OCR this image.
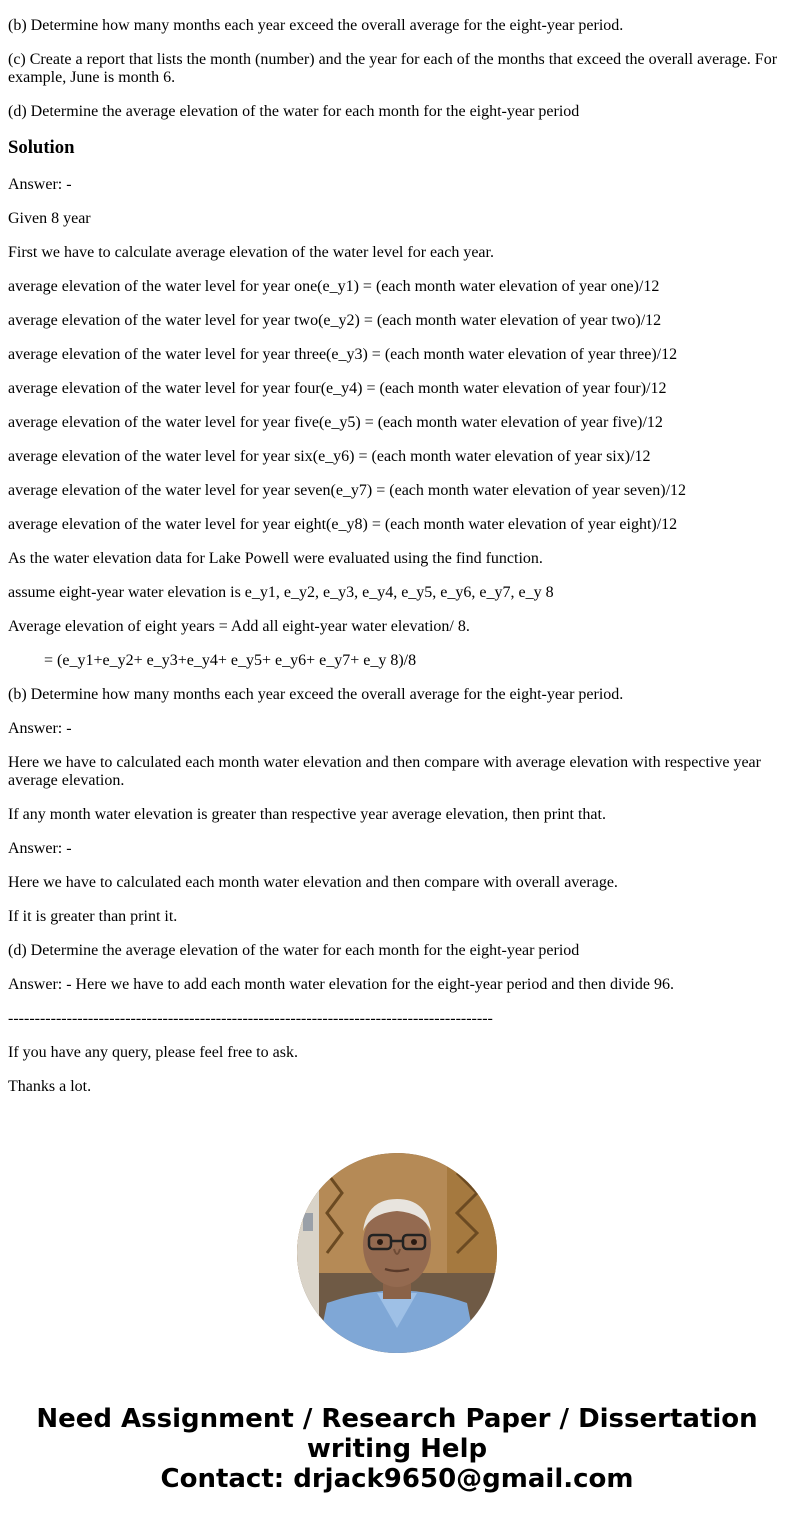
(b) Determine how many months each year exceed the overall average for the eight-year period.

(c) Create a report that lists the month (number) and the year for each of the months that exceed the overall average. For example, June is month 6.

(d) Determine the average elevation of the water for each month for the eight-year period

Solution

Answer: -

Given 8 year

First we have to calculate average elevation of the water level for each year.

average elevation of the water level for year one(e_y1) = (each month water elevation of year one)/12

average elevation of the water level for year two(e_y2) = (each month water elevation of year two)/12

average elevation of the water level for year three(e_y3) = (each month water elevation of year three)/12

average elevation of the water level for year four(e_y4) = (each month water elevation of year four)/12

average elevation of the water level for year five(e_y5) = (each month water elevation of year five)/12

average elevation of the water level for year six(e_y6) = (each month water elevation of year six)/12

average elevation of the water level for year seven(e_y7) = (each month water elevation of year seven)/12

average elevation of the water level for year eight(e_y8) = (each month water elevation of year eight)/12

As the water elevation data for Lake Powell were evaluated using the find function.

assume eight-year water elevation is e_y1, e_y2, e_y3, e_y4, e_y5, e_y6, e_y7, e_y 8

Average elevation of eight years = Add all eight-year water elevation/ 8.

= (e_y1+e_y2+ e_y3+e_y4+ e_y5+ e_y6+ e_y7+ e_y 8)/8

(b) Determine how many months each year exceed the overall average for the eight-year period.

Answer: -

Here we have to calculated each month water elevation and then compare with average elevation with respective year average elevation.

If any month water elevation is greater than respective year average elevation, then print that.

Answer: -

Here we have to calculated each month water elevation and then compare with overall average.

If it is greater than print it.

(d) Determine the average elevation of the water for each month for the eight-year period

Answer: - Here we have to add each month water elevation for the eight-year period and then divide 96.

-------------------------------------------------------------------------------------------

If you have any query, please feel free to ask.

Thanks a lot.

Need Assignment / Research Paper / Dissertation
writing Help
Contact: drjack9650@gmail.com
